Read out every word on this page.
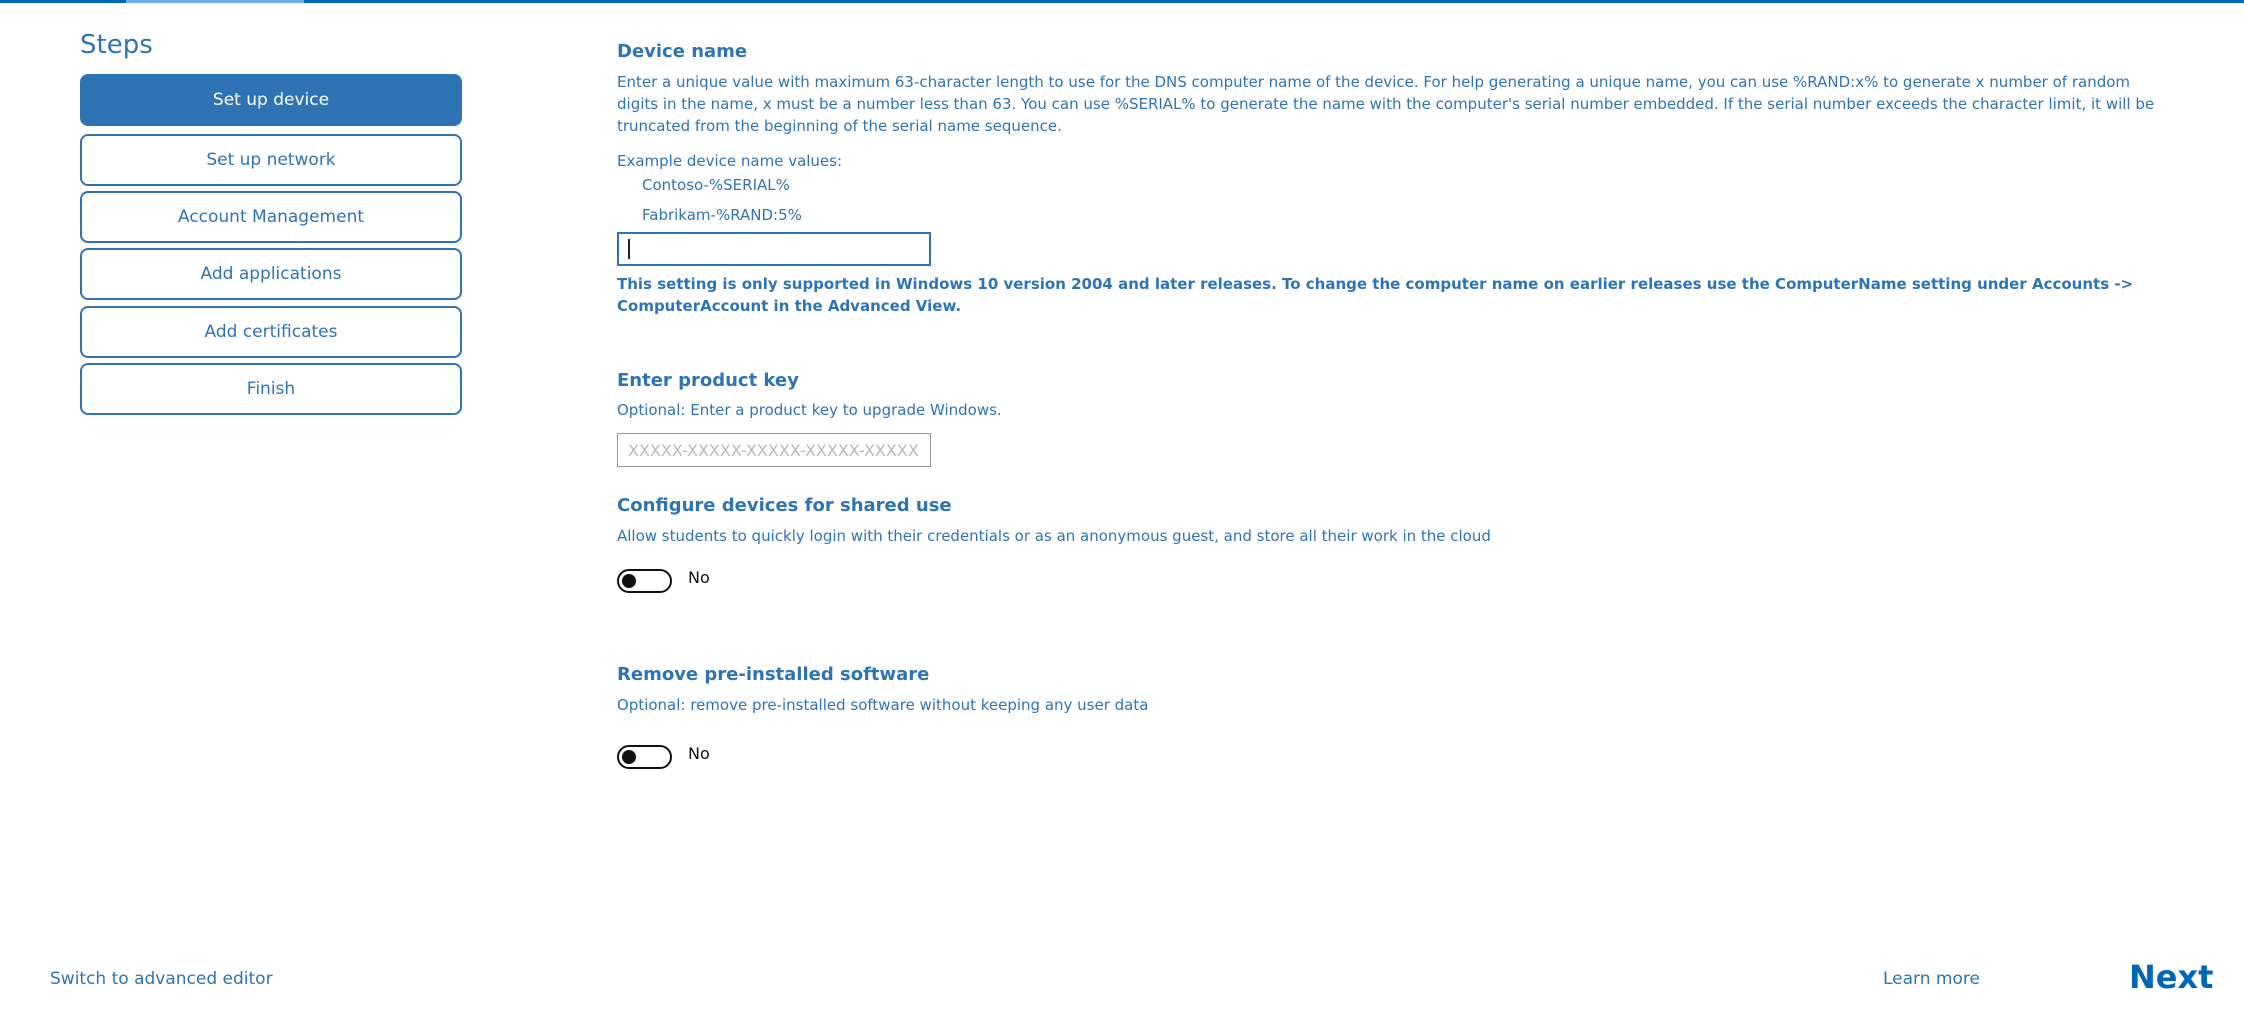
Steps
Set up device
Set up network
Account Management
Add applications
Add certificates
Finish
Device name
Enter a unique value with maximum 63-character length to use for the DNS computer name of the device. For help generating a unique name, you can use %RAND:x% to generate x number of random digits in the name, x must be a number less than 63. You can use %SERIAL% to generate the name with the computer's serial number embedded. If the serial number exceeds the character limit, it will be truncated from the beginning of the serial name sequence.
Example device name values:
Contoso-%SERIAL%
Fabrikam-%RAND:5%
This setting is only supported in Windows 10 version 2004 and later releases. To change the computer name on earlier releases use the ComputerName setting under Accounts -> ComputerAccount in the Advanced View.
Enter product key
Optional: Enter a product key to upgrade Windows.
XXXXX-XXXXX-XXXXX-XXXXX-XXXXX
Configure devices for shared use
Allow students to quickly login with their credentials or as an anonymous guest, and store all their work in the cloud
No
Remove pre-installed software
Optional: remove pre-installed software without keeping any user data
No
Switch to advanced editor	Learn more	Next
